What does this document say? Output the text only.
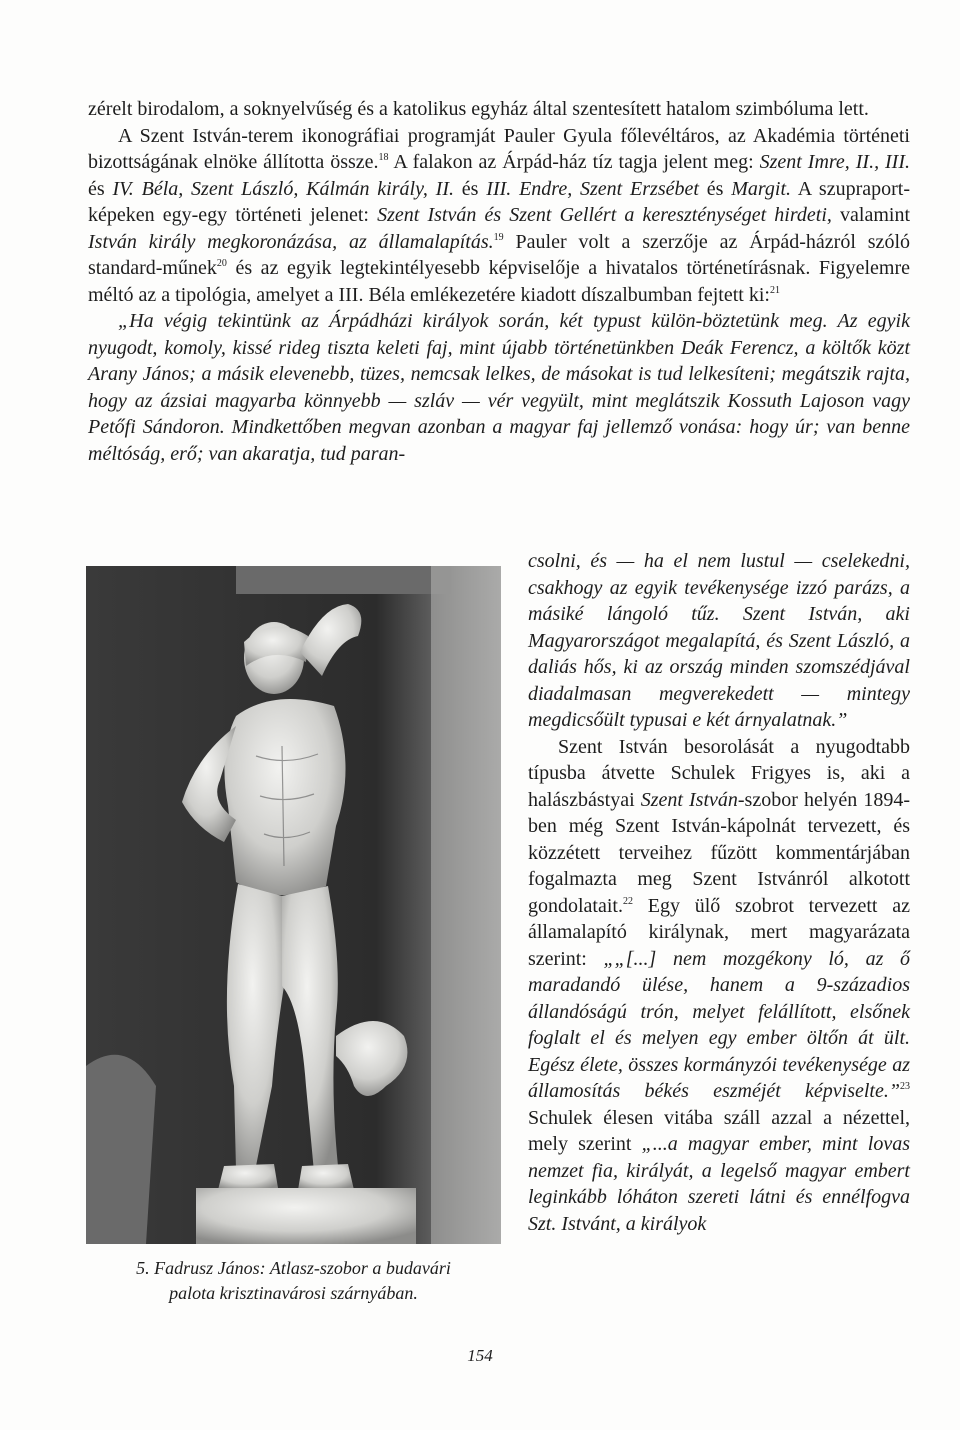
zérelt birodalom, a soknyelvűség és a katolikus egyház által szentesített hatalom szimbóluma lett.

A Szent István-terem ikonográfiai programját Pauler Gyula főlevéltáros, az Akadémia történeti bizottságának elnöke állította össze.$^{18}$ A falakon az Árpád-ház tíz tagja jelent meg: Szent Imre, II., III. és IV. Béla, Szent László, Kálmán király, II. és III. Endre, Szent Erzsébet és Margit. A szupraport-képeken egy-egy történeti jelenet: Szent István és Szent Gellért a kereszténységet hirdeti, valamint István király megkoronázása, az államalapítás.$^{19}$ Pauler volt a szerzője az Árpád-házról szóló standard-műnek$^{20}$ és az egyik legtekintélyesebb képviselője a hivatalos történetírásnak. Figyelemre méltó az a tipológia, amelyet a III. Béla emlékezetére kiadott díszalbumban fejtett ki:$^{21}$

„Ha végig tekintünk az Árpádházi királyok során, két typust külön-böztetünk meg. Az egyik nyugodt, komoly, kissé rideg tiszta keleti faj, mint újabb történetünkben Deák Ferencz, a költők közt Arany János; a másik elevenebb, tüzes, nemcsak lelkes, de másokat is tud lelkesíteni; megátszik rajta, hogy az ázsiai magyarba könnyebb — szláv — vér vegyült, mint meglátszik Kossuth Lajoson vagy Petőfi Sándoron. Mindkettőben megvan azonban a magyar faj jellemző vonása: hogy úr; van benne méltóság, erő; van akaratja, tud paran-

csolni, és — ha el nem lustul — cselekedni, csakhogy az egyik tevékenysége izzó parázs, a másiké lángoló tűz. Szent István, aki Magyarországot megalapítá, és Szent László, a daliás hős, ki az ország minden szomszédjával diadalmasan megverekedett — mintegy megdicsőült typusai e két árnyalatnak.”

Szent István besorolását a nyugodtabb típusba átvette Schulek Frigyes is, aki a halászbástyai Szent István-szobor helyén 1894-ben még Szent István-kápolnát tervezett, és közzétett terveihez fűzött kommentárjában fogalmazta meg Szent Istvánról alkotott gondolatait.$^{22}$ Egy ülő szobrot tervezett az államalapító királynak, mert magyarázata szerint: „„[...] nem mozgékony ló, az ő maradandó ülése, hanem a 9-századios állandóságú trón, melyet felállított, elsőnek foglalt el és melyen egy ember öltőn át ült. Egész élete, összes kormányzói tevékenysége az államosítás békés eszméjét képviselte.”$^{23}$ Schulek élesen vitába száll azzal a nézettel, mely szerint „...a magyar ember, mint lovas nemzet fia, királyát, a legelső magyar embert leginkább lóháton szereti látni és ennélfogva Szt. Istvánt, a királyok

5. Fadrusz János: Atlasz-szobor a budavári
palota krisztinavárosi szárnyában.
154
